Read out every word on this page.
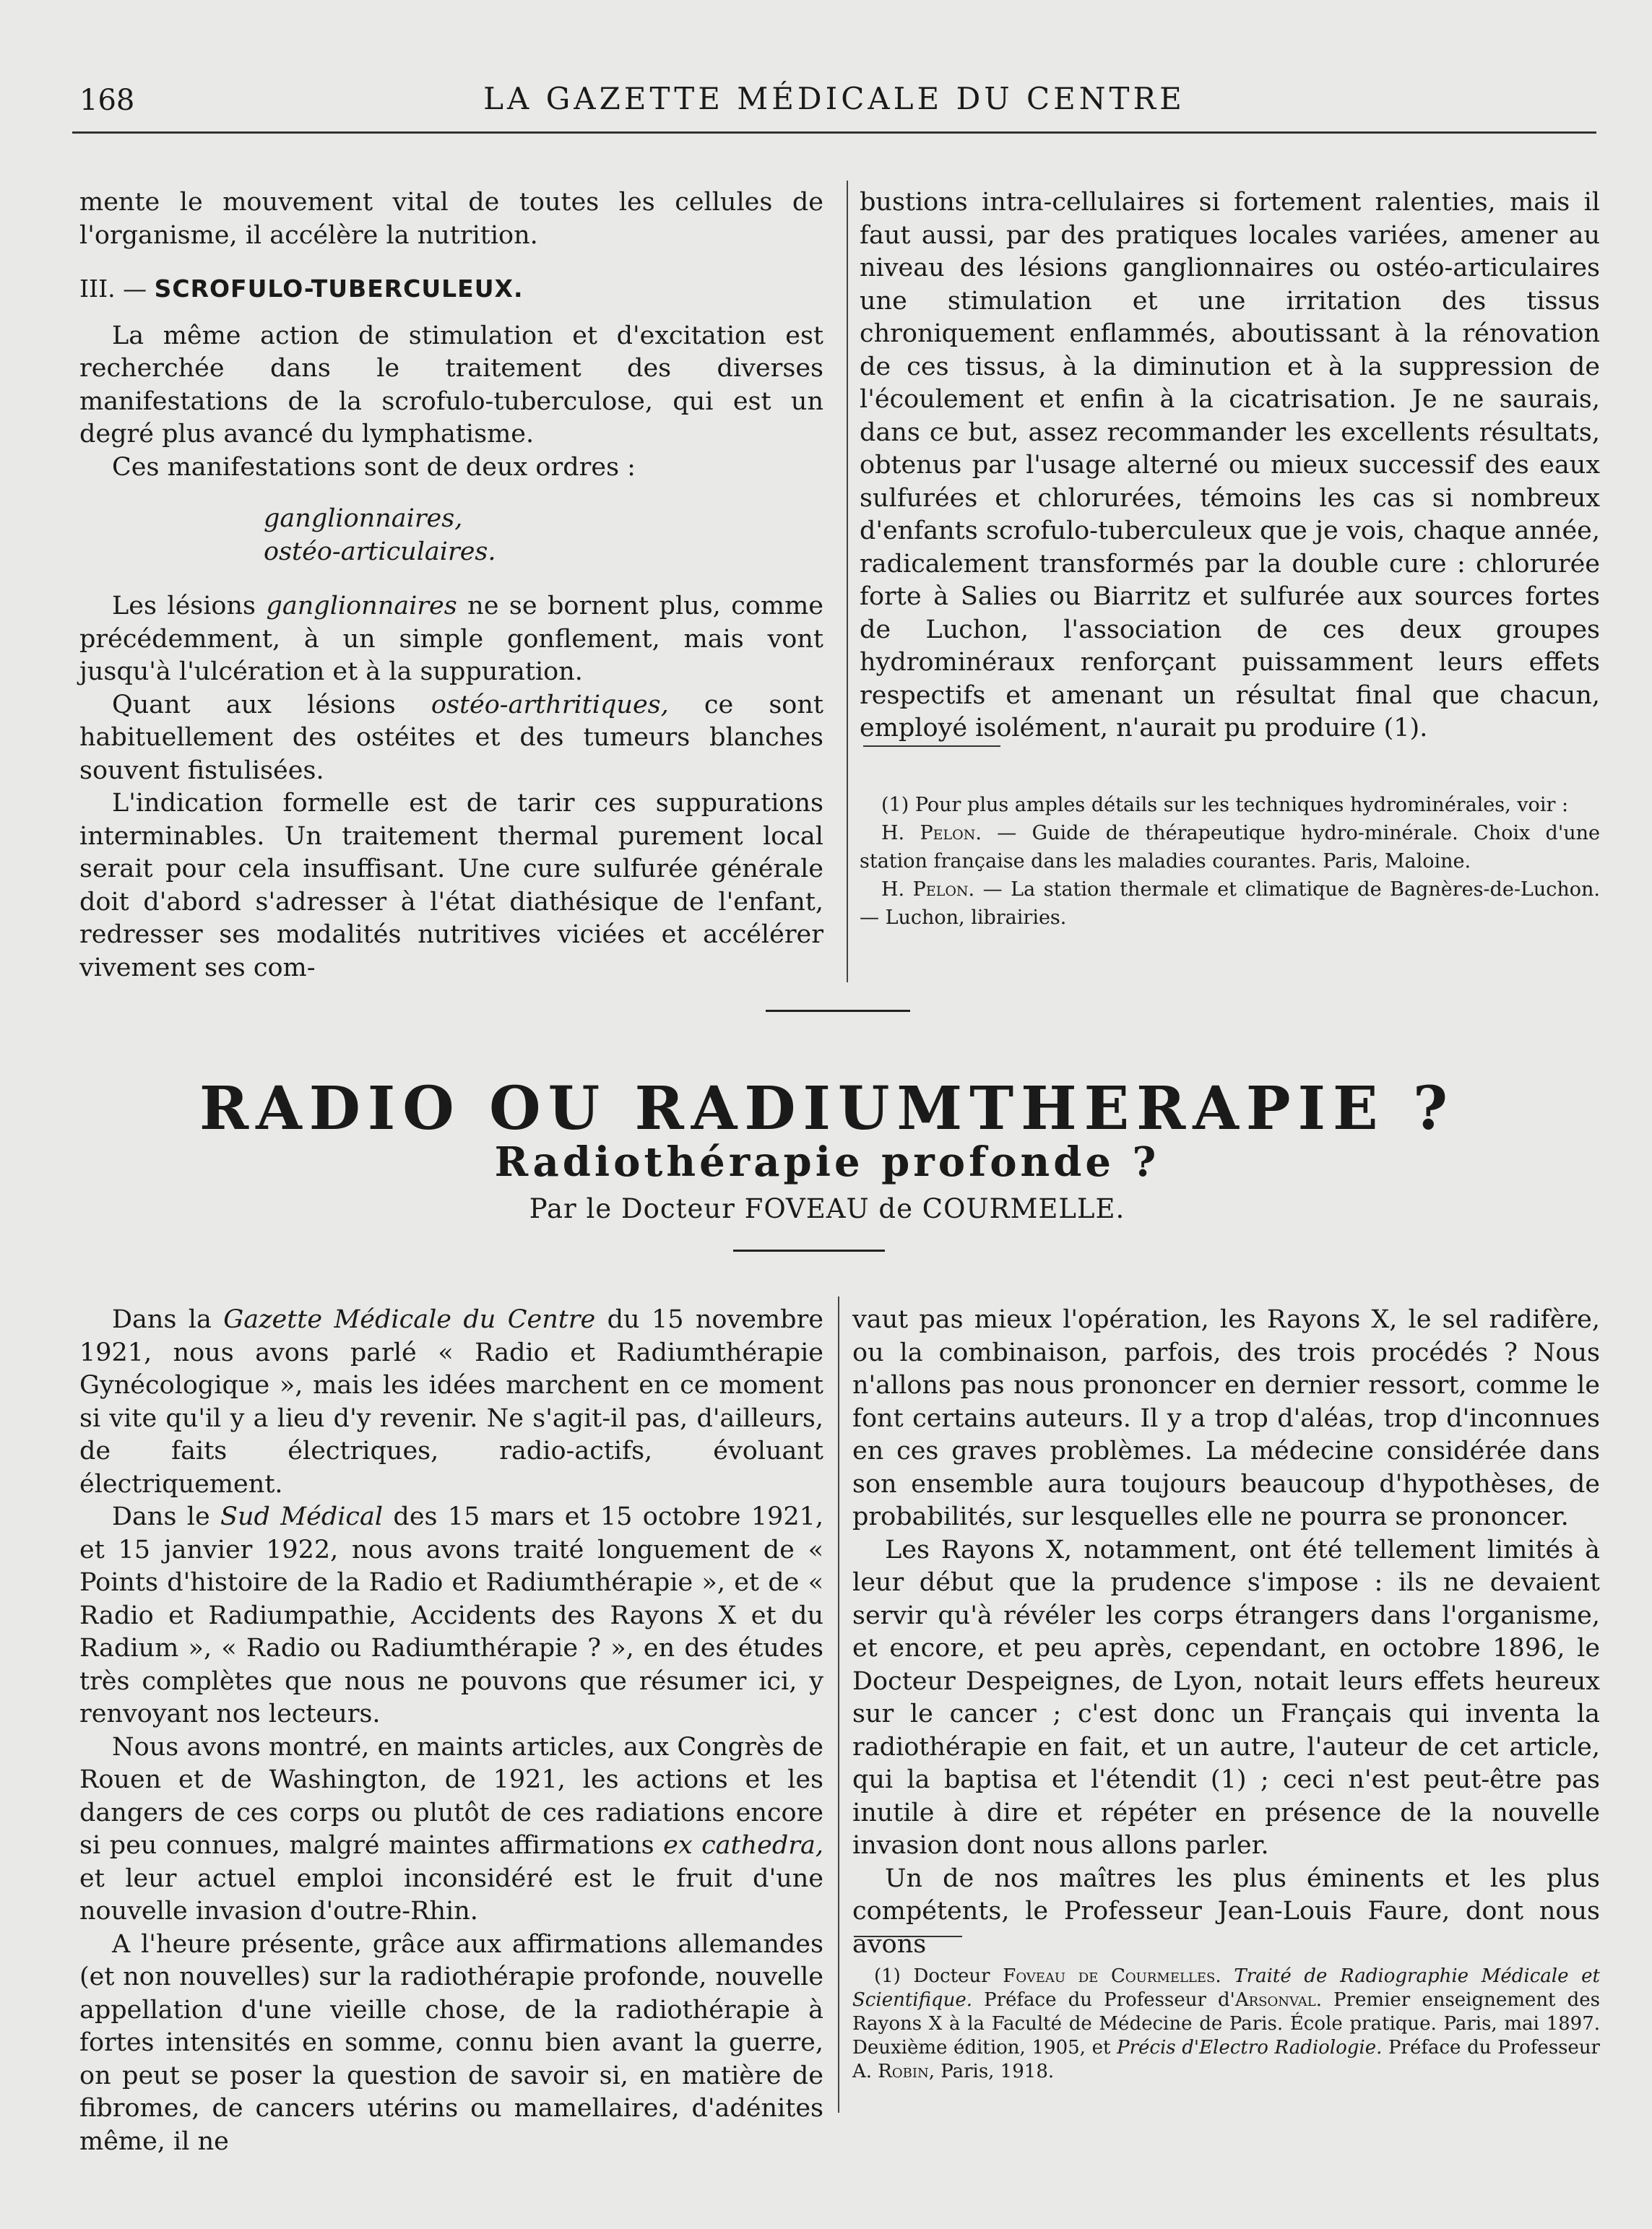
168	LA GAZETTE MÉDICALE DU CENTRE

mente le mouvement vital de toutes les cellules de l'organisme, il accélère la nutrition.

III. — SCROFULO-TUBERCULEUX.

La même action de stimulation et d'excitation est recherchée dans le traitement des diverses manifestations de la scrofulo-tuberculose, qui est un degré plus avancé du lymphatisme.

Ces manifestations sont de deux ordres :

ganglionnaires,

ostéo-articulaires.

Les lésions ganglionnaires ne se bornent plus, comme précédemment, à un simple gonflement, mais vont jusqu'à l'ulcération et à la suppuration.

Quant aux lésions ostéo-arthritiques, ce sont habituellement des ostéites et des tumeurs blanches souvent fistulisées.

L'indication formelle est de tarir ces suppurations interminables. Un traitement thermal purement local serait pour cela insuffisant. Une cure sulfurée générale doit d'abord s'adresser à l'état diathésique de l'enfant, redresser ses modalités nutritives viciées et accélérer vivement ses com-

bustions intra-cellulaires si fortement ralenties, mais il faut aussi, par des pratiques locales variées, amener au niveau des lésions ganglionnaires ou ostéo-articulaires une stimulation et une irritation des tissus chroniquement enflammés, aboutissant à la rénovation de ces tissus, à la diminution et à la suppression de l'écoulement et enfin à la cicatrisation. Je ne saurais, dans ce but, assez recommander les excellents résultats, obtenus par l'usage alterné ou mieux successif des eaux sulfurées et chlorurées, témoins les cas si nombreux d'enfants scrofulo-tuberculeux que je vois, chaque année, radicalement transformés par la double cure : chlorurée forte à Salies ou Biarritz et sulfurée aux sources fortes de Luchon, l'association de ces deux groupes hydrominéraux renforçant puissamment leurs effets respectifs et amenant un résultat final que chacun, employé isolément, n'aurait pu produire (1).

(1) Pour plus amples détails sur les techniques hydrominérales, voir :

H. Pelon. — Guide de thérapeutique hydro-minérale. Choix d'une station française dans les maladies courantes. Paris, Maloine.

H. Pelon. — La station thermale et climatique de Bagnères-de-Luchon. — Luchon, librairies.

RADIO OU RADIUMTHERAPIE ?
Radiothérapie profonde ?
Par le Docteur FOVEAU de COURMELLE.

Dans la Gazette Médicale du Centre du 15 novembre 1921, nous avons parlé « Radio et Radiumthérapie Gynécologique », mais les idées marchent en ce moment si vite qu'il y a lieu d'y revenir. Ne s'agit-il pas, d'ailleurs, de faits électriques, radio-actifs, évoluant électriquement.

Dans le Sud Médical des 15 mars et 15 octobre 1921, et 15 janvier 1922, nous avons traité longuement de « Points d'histoire de la Radio et Radiumthérapie », et de « Radio et Radiumpathie, Accidents des Rayons X et du Radium », « Radio ou Radiumthérapie ? », en des études très complètes que nous ne pouvons que résumer ici, y renvoyant nos lecteurs.

Nous avons montré, en maints articles, aux Congrès de Rouen et de Washington, de 1921, les actions et les dangers de ces corps ou plutôt de ces radiations encore si peu connues, malgré maintes affirmations ex cathedra, et leur actuel emploi inconsidéré est le fruit d'une nouvelle invasion d'outre-Rhin.

A l'heure présente, grâce aux affirmations allemandes (et non nouvelles) sur la radiothérapie profonde, nouvelle appellation d'une vieille chose, de la radiothérapie à fortes intensités en somme, connu bien avant la guerre, on peut se poser la question de savoir si, en matière de fibromes, de cancers utérins ou mamellaires, d'adénites même, il ne

vaut pas mieux l'opération, les Rayons X, le sel radifère, ou la combinaison, parfois, des trois procédés ? Nous n'allons pas nous prononcer en dernier ressort, comme le font certains auteurs. Il y a trop d'aléas, trop d'inconnues en ces graves problèmes. La médecine considérée dans son ensemble aura toujours beaucoup d'hypothèses, de probabilités, sur lesquelles elle ne pourra se prononcer.

Les Rayons X, notamment, ont été tellement limités à leur début que la prudence s'impose : ils ne devaient servir qu'à révéler les corps étrangers dans l'organisme, et encore, et peu après, cependant, en octobre 1896, le Docteur Despeignes, de Lyon, notait leurs effets heureux sur le cancer ; c'est donc un Français qui inventa la radiothérapie en fait, et un autre, l'auteur de cet article, qui la baptisa et l'étendit (1) ; ceci n'est peut-être pas inutile à dire et répéter en présence de la nouvelle invasion dont nous allons parler.

Un de nos maîtres les plus éminents et les plus compétents, le Professeur Jean-Louis Faure, dont nous avons

(1) Docteur Foveau de Courmelles. Traité de Radiographie Médicale et Scientifique. Préface du Professeur d'Arsonval. Premier enseignement des Rayons X à la Faculté de Médecine de Paris. École pratique. Paris, mai 1897. Deuxième édition, 1905, et Précis d'Electro Radiologie. Préface du Professeur A. Robin, Paris, 1918.
